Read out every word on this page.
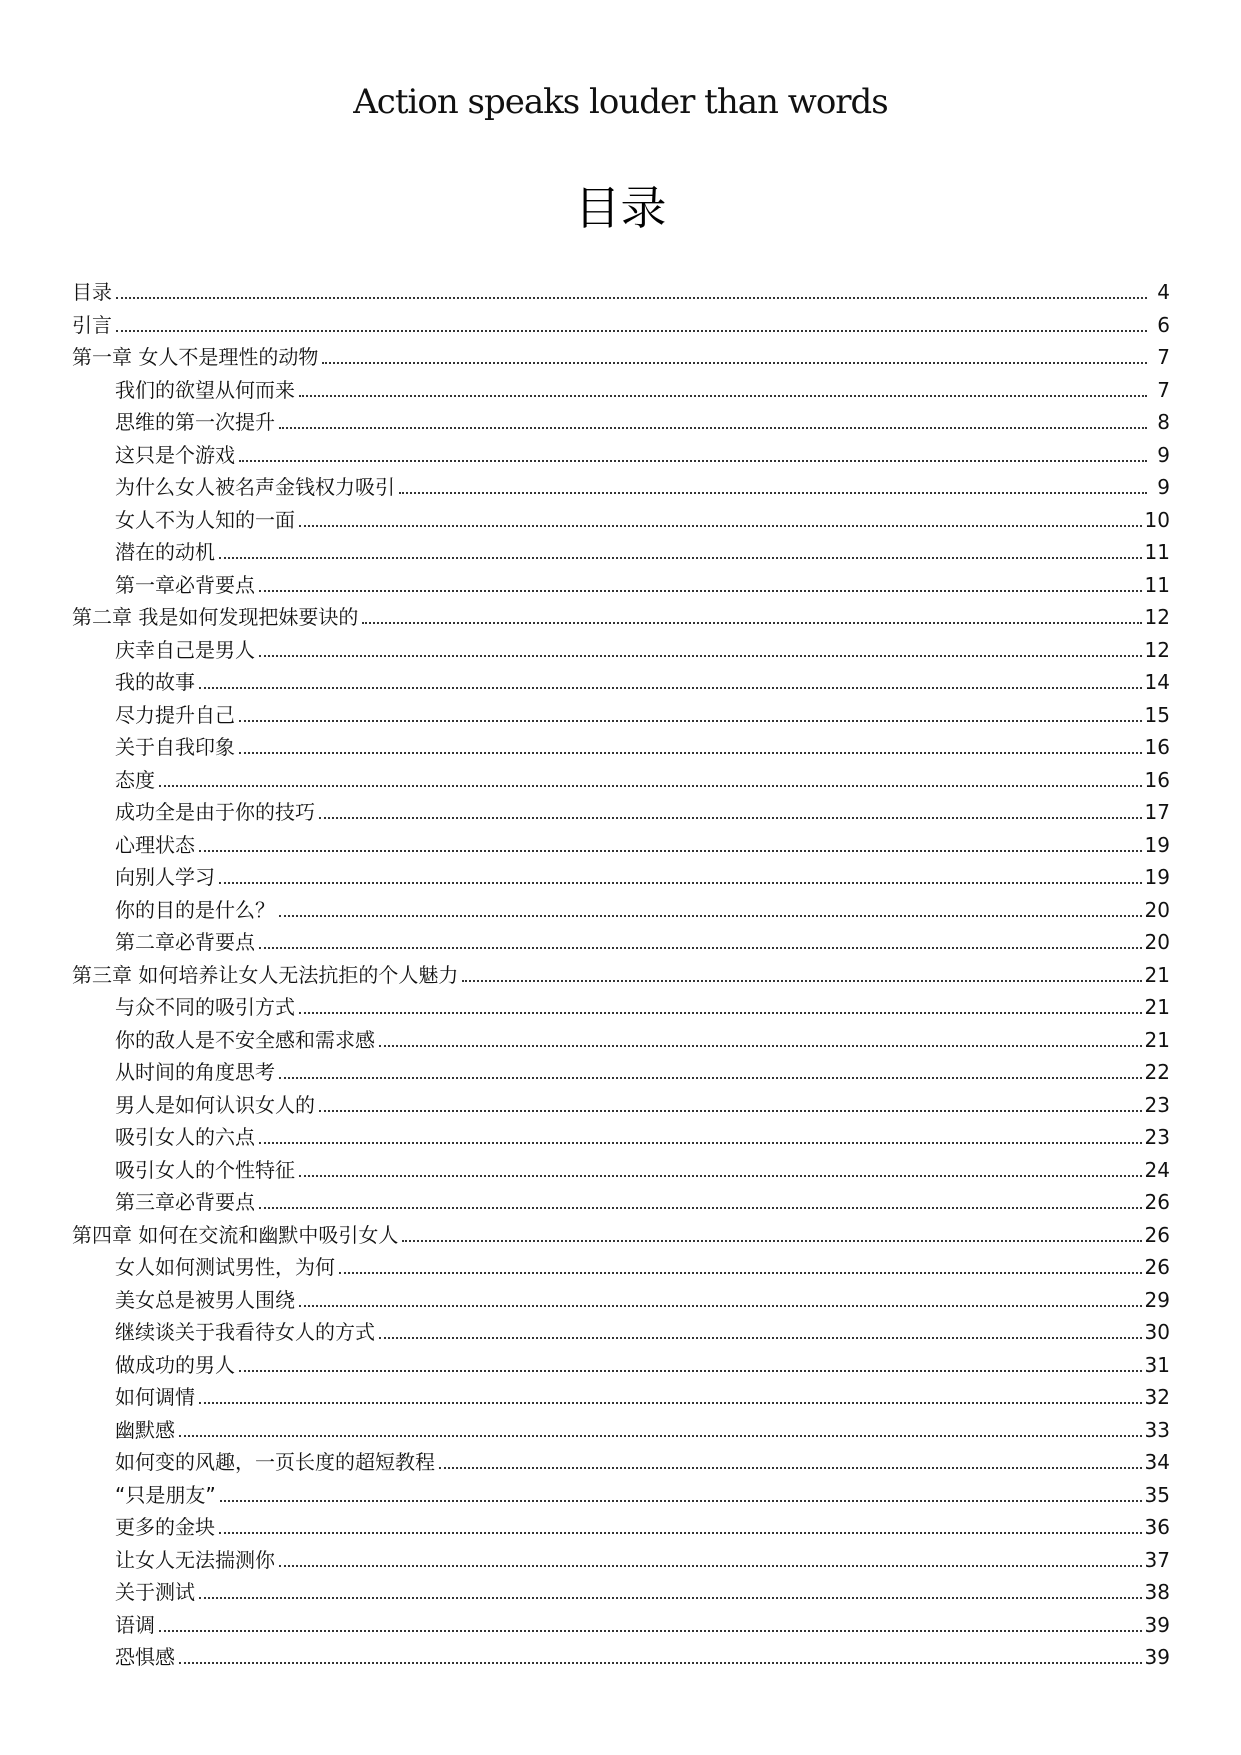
Action speaks louder than words
目录
目录	4
引言	6
第一章 女人不是理性的动物	7
我们的欲望从何而来	7
思维的第一次提升	8
这只是个游戏	9
为什么女人被名声金钱权力吸引	9
女人不为人知的一面	10
潜在的动机	11
第一章必背要点	11
第二章 我是如何发现把妹要诀的	12
庆幸自己是男人	12
我的故事	14
尽力提升自己	15
关于自我印象	16
态度	16
成功全是由于你的技巧	17
心理状态	19
向别人学习	19
你的目的是什么？	20
第二章必背要点	20
第三章 如何培养让女人无法抗拒的个人魅力	21
与众不同的吸引方式	21
你的敌人是不安全感和需求感	21
从时间的角度思考	22
男人是如何认识女人的	23
吸引女人的六点	23
吸引女人的个性特征	24
第三章必背要点	26
第四章 如何在交流和幽默中吸引女人	26
女人如何测试男性，为何	26
美女总是被男人围绕	29
继续谈关于我看待女人的方式	30
做成功的男人	31
如何调情	32
幽默感	33
如何变的风趣，一页长度的超短教程	34
“只是朋友”	35
更多的金块	36
让女人无法揣测你	37
关于测试	38
语调	39
恐惧感	39
